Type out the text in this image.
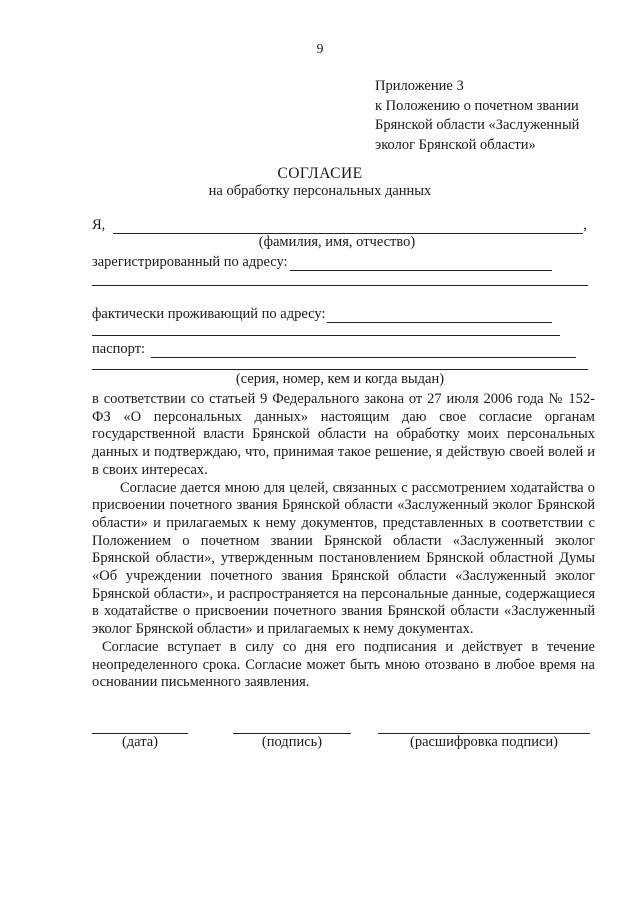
9
Приложение 3
к Положению о почетном звании
Брянской области «Заслуженный
эколог Брянской области»
СОГЛАСИЕ
на обработку персональных данных
Я,	,
(фамилия, имя, отчество)
зарегистрированный по адресу:
фактически проживающий по адресу:
паспорт:
(серия, номер, кем и когда выдан)

в соответствии со статьей 9 Федерального закона от 27 июля 2006 года № 152-ФЗ «О персональных данных» настоящим даю свое согласие органам государственной власти Брянской области на обработку моих персональных данных и подтверждаю, что, принимая такое решение, я действую своей волей и в своих интересах.

Согласие дается мною для целей, связанных с рассмотрением ходатайства о присвоении почетного звания Брянской области «Заслуженный эколог Брянской области» и прилагаемых к нему документов, представленных в соответствии с Положением о почетном звании Брянской области «Заслуженный эколог Брянской области», утвержденным постановлением Брянской областной Думы «Об учреждении почетного звания Брянской области «Заслуженный эколог Брянской области», и распространяется на персональные данные, содержащиеся в ходатайстве о присвоении почетного звания Брянской области «Заслуженный эколог Брянской области» и прилагаемых к нему документах.

Согласие вступает в силу со дня его подписания и действует в течение неопределенного срока. Согласие может быть мною отозвано в любое время на основании письменного заявления.

(дата)	(подпись)	(расшифровка подписи)
